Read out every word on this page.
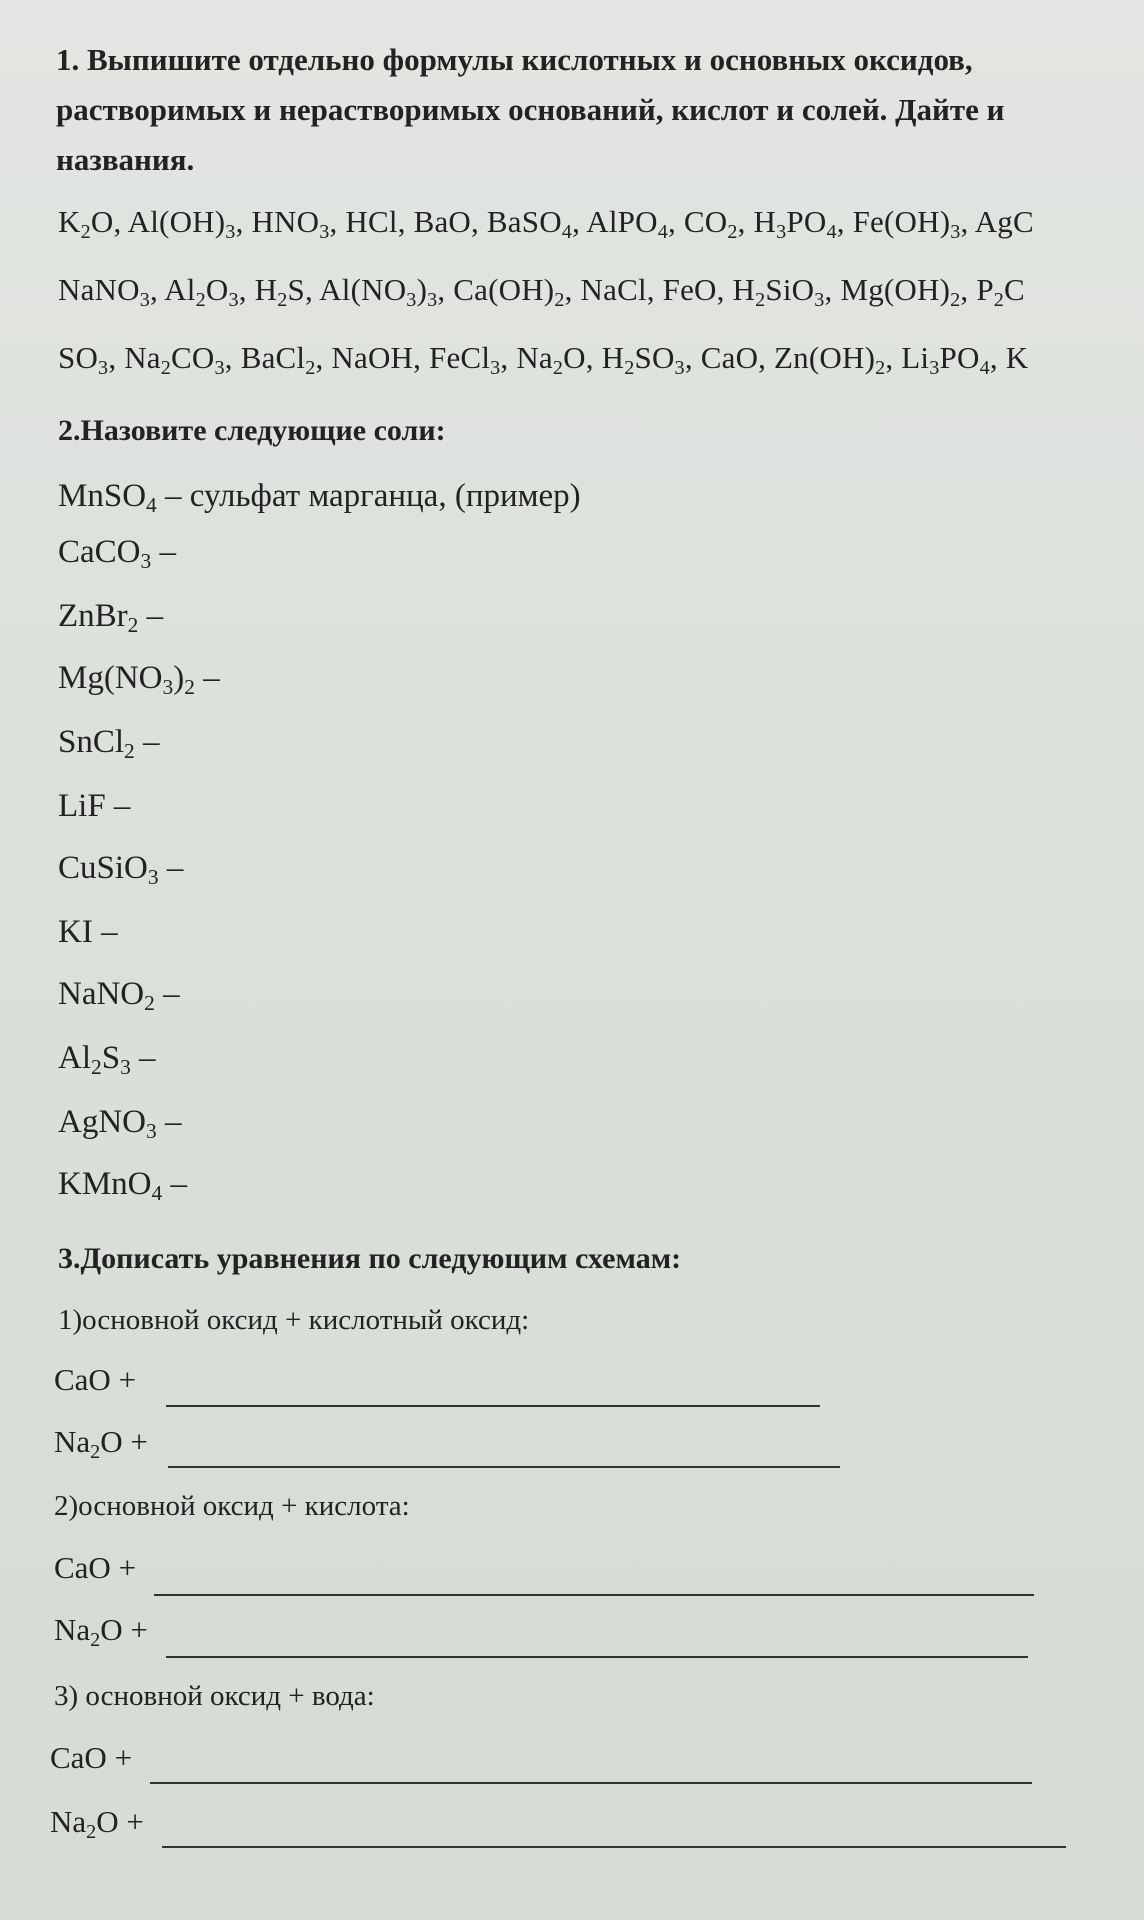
1. Выпишите отдельно формулы кислотных и основных оксидов,
растворимых и нерастворимых оснований, кислот и солей. Дайте и
названия.
$K_2O$, $Al(OH)_3$, $HNO_3$, HCl, BaO, BaSO$_4$, AlPO$_4$, $CO_2$, $H_3PO_4$, $Fe(OH)_3$, AgC
NaNO$_3$, $Al_2O_3$, $H_2S$, $Al(NO_3)_3$, $Ca(OH)_2$, NaCl, FeO, $H_2SiO_3$, $Mg(OH)_2$, $P_2C$
$SO_3$, $Na_2CO_3$, BaCl$_2$, NaOH, FeCl$_3$, $Na_2O$, $H_2SO_3$, CaO, $Zn(OH)_2$, $Li_3PO_4$, K
2.Назовите следующие соли:
MnSO$_4$ – сульфат марганца, (пример)
CaCO$_3$ –
ZnBr$_2$ –
$Mg(NO_3)_2$ –
SnCl$_2$ –
LiF –
CuSiO$_3$ –
KI –
NaNO$_2$ –
$Al_2S_3$ –
AgNO$_3$ –
KMnO$_4$ –
3.Дописать уравнения по следующим схемам:
1)основной оксид + кислотный оксид:
CaO +
$Na_2O$ +
2)основной оксид + кислота:
CaO +
$Na_2O$ +
3) основной оксид + вода:
CaO +
$Na_2O$ +
